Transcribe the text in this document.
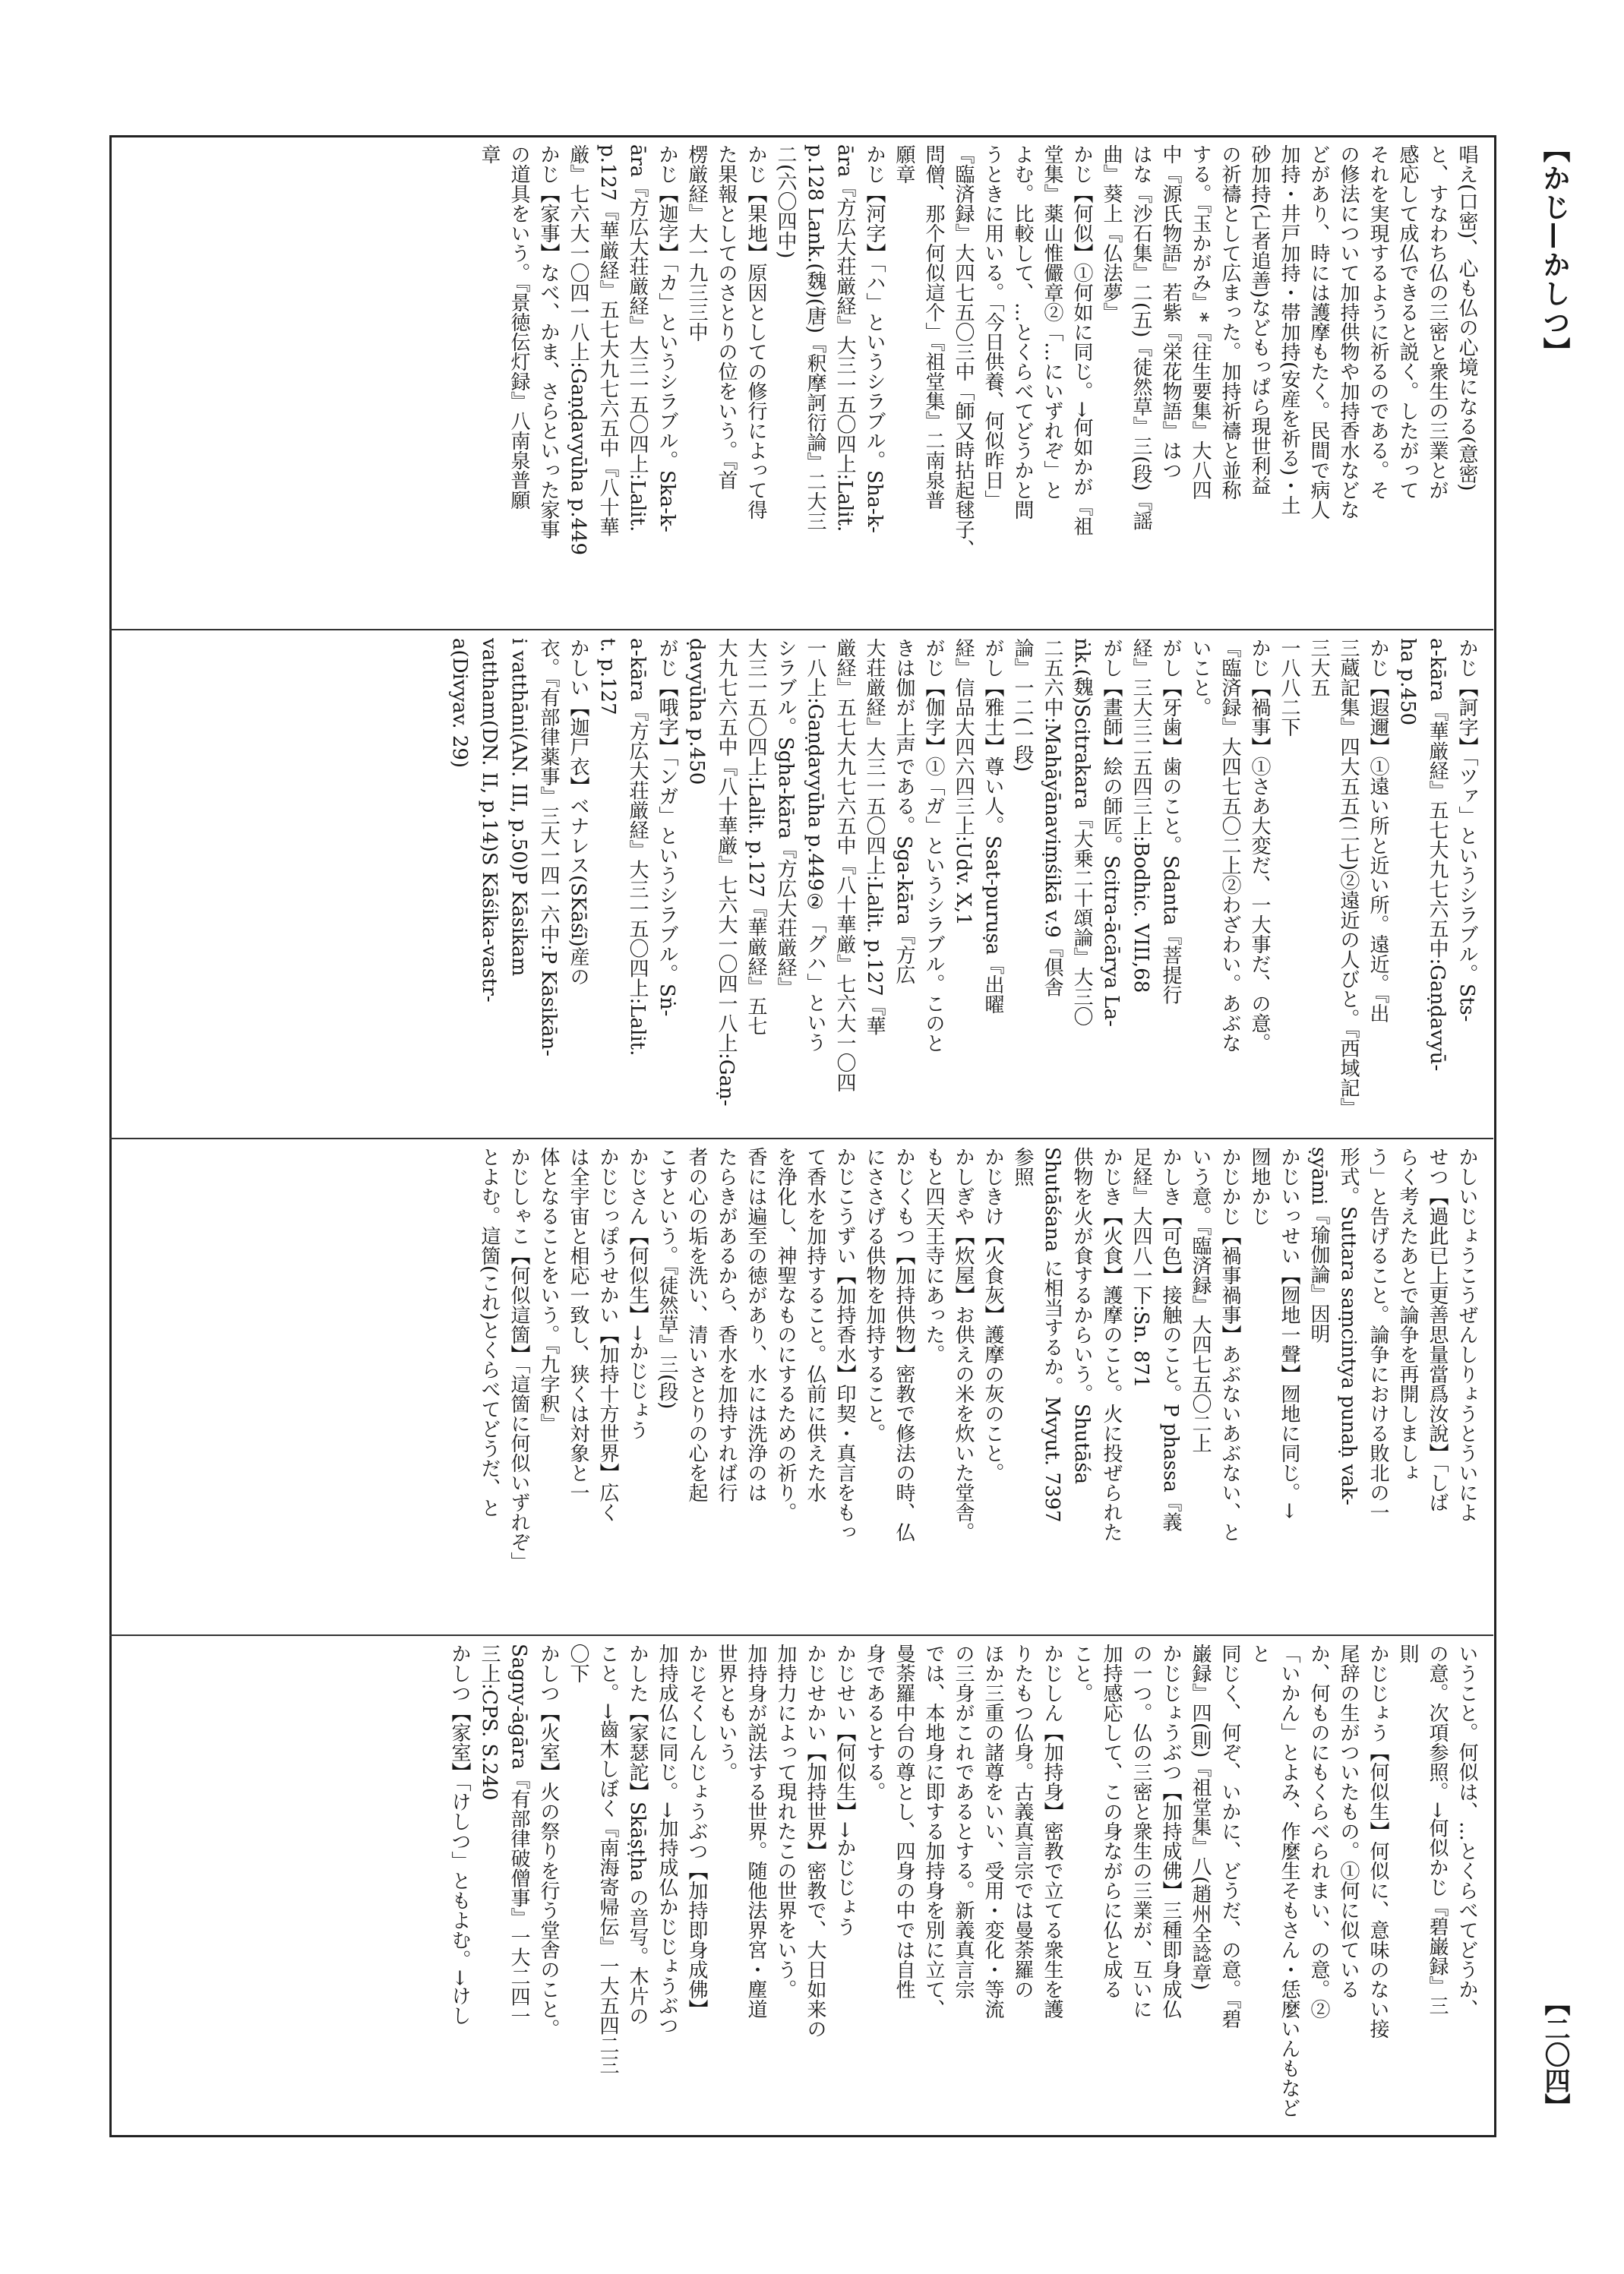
【かじ—かしつ】
【二〇四】
唱え(口密)、心も仏の心境になる(意密)
と、すなわち仏の三密と衆生の三業とが
感応して成仏できると説く。したがって
それを実現するように祈るのである。そ
の修法について加持供物や加持香水などな
どがあり、時には護摩もたく。民間で病人
加持・井戸加持・帯加持(安産を祈る)・土
砂加持(亡者追善)などもっぱら現世利益
の祈禱として広まった。加持祈禱と並称
する。『玉かがみ』*『往生要集』大八四
中『源氏物語』若紫『栄花物語』はつ
はな『沙石集』二(五)『徒然草』三(段)『謡
曲』葵上『仏法夢』
かじ【何似】①何如に同じ。→何如かが『祖
堂集』薬山惟儼章②「…にいずれぞ」と
よむ。比較して、…とくらべてどうかと問
うときに用いる。「今日供養、何似昨日」
『臨済録』大四七五〇三中「師又時拈起毬子、
問僧、那个何似這个」『祖堂集』二南泉普
願章
かじ【河字】「ハ」というシラブル。Sha-k-
āra『方広大荘厳経』大三一五〇四上:Lalit.
p.128 Lank.(魏)(唐)『釈摩訶衍論』二大三
二(六〇四中)
かじ【果地】原因としての修行によって得
た果報としてのさとりの位をいう。『首
楞厳経』大一九三三中
かじ【迦字】「カ」というシラブル。Ska-k-
āra『方広大荘厳経』大三一五〇四上:Lalit.
p.127『華厳経』五七大九七六五中『八十華
厳』七六大一〇四一八上:Gaṇḍavyūha p.449
かじ【家事】なべ、かま、さらといった家事
の道具をいう。『景徳伝灯録』八南泉普願
章
かじ【訶字】「ツァ」というシラブル。Sts-
a-kāra『華厳経』五七大九七六五中:Gaṇḍavyū-
ha p.450
かじ【遐邇】①遠い所と近い所。遠近。『出
三蔵記集』四大五五(二七)②遠近の人びと。『西域記』三大五
一八八二下
かじ【禍事】①さあ大変だ、一大事だ、の意。
『臨済録』大四七五〇二上②わざわい。あぶな
いこと。
がし【牙歯】歯のこと。Sdanta『菩提行
経』三大三二五四三上:Bodhic. VIII,68
がし【畫師】絵の師匠。Scitra-ācārya La-
ṅk.(魏)Scitrakara『大乗二十頌論』大三〇
二五六中:Mahāyānaviṃśikā v.9『倶舎
論』一二(一段)
がし【雅士】尊い人。Ssat-puruṣa『出曜
経』信品大四六四三上:Udv. X,1
がじ【伽字】①「ガ」というシラブル。このと
きは伽が上声である。Sga-kāra『方広
大荘厳経』大三一五〇四上:Lalit. p.127『華
厳経』五七大九七六五中『八十華厳』七六大一〇四
一八上:Gaṇḍavyūha p.449②「グハ」という
シラブル。Sgha-kāra『方広大荘厳経』
大三一五〇四上:Lalit. p.127『華厳経』五七
大九七六五中『八十華厳』七六大一〇四一八上:Gaṇ-
ḍavyūha p.450
がじ【哦字】「ンガ」というシラブル。Sṅ-
a-kāra『方広大荘厳経』大三一五〇四上:Lalit.
t. p.127
かしい【迦尸衣】ベナレス(SKāśī)産の
衣。『有部律薬事』三大一四一六中:P Kāsikān-
i vatthāni(AN. III, p.50)P Kāsikam
vattham(DN. II, p.14)S Kāśika-vastr-
a(Divyav. 29)
かしいじょうこうぜんしりょうとういによ
せつ【過此已上更善思量當爲汝說】「しば
らく考えたあとで論争を再開しましょ
う」と告げること。論争における敗北の一
形式。Suttara saṃcintya punaḥ vak-
ṣyāmi『瑜伽論』因明
かじいっせい【囫地一聲】囫地に同じ。→
囫地かじ
かじかじ【禍事禍事】あぶないあぶない、と
いう意。『臨済録』大四七五〇二上
かしき【可色】接触のこと。P phassa『義
足経』大四八一下:Sn. 871
かじき【火食】護摩のこと。火に投ぜられた
供物を火が食するからいう。Shutāśa
Shutāśana に相当するか。Mvyut. 7397
参照
かじきけ【火食灰】護摩の灰のこと。
かしぎや【炊屋】お供えの米を炊いた堂舎。
もと四天王寺にあった。
かじくもつ【加持供物】密教で修法の時、仏
にささげる供物を加持すること。
かじこうずい【加持香水】印契・真言をもっ
て香水を加持すること。仏前に供えた水
を浄化し、神聖なものにするための祈り。
香には遍至の徳があり、水には洗浄のは
たらきがあるから、香水を加持すれば行
者の心の垢を洗い、清いさとりの心を起
こすという。『徒然草』三(段)
かじさん【何似生】→かじじょう
かじじっぽうせかい【加持十方世界】広く
は全宇宙と相応一致し、狭くは対象と一
体となることをいう。『九字釈』
かじしゃこ【何似這箇】「這箇に何似いずれぞ」
とよむ。這箇(これ)とくらべてどうだ、と
いうこと。何似は、…とくらべてどうか、
の意。次項参照。→何似かじ『碧巌録』三
則
かじじょう【何似生】何似に、意味のない接
尾辞の生がついたもの。①何に似ている
か、何ものにもくらべられまい、の意。②
「いかん」とよみ、作麼生そもさん・恁麼いんもなどと
同じく、何ぞ、いかに、どうだ、の意。『碧
巌録』四(則)『祖堂集』八(趙州全諗章)
かじじょうぶつ【加持成佛】三種即身成仏
の一つ。仏の三密と衆生の三業が、互いに
加持感応して、この身ながらに仏と成る
こと。
かじしん【加持身】密教で立てる衆生を護
りたもつ仏身。古義真言宗では曼荼羅の
ほか三重の諸尊をいい、受用・変化・等流
の三身がこれであるとする。新義真言宗
では、本地身に即する加持身を別に立て、
曼荼羅中台の尊とし、四身の中では自性
身であるとする。
かじせい【何似生】→かじじょう
かじせかい【加持世界】密教で、大日如来の
加持力によって現れたこの世界をいう。
加持身が説法する世界。随他法界宮・塵道
世界ともいう。
かじそくしんじょうぶつ【加持即身成佛】
加持成仏に同じ。→加持成仏かじじょうぶつ
かした【家瑟詑】Skāṣṭha の音写。木片の
こと。→齒木しぼく『南海寄帰伝』一大五四二三
〇下
かしつ【火室】火の祭りを行う堂舎のこと。
Sagny-āgāra『有部律破僧事』一大二四一
三上:CPS. S.240
かしつ【家室】「けしつ」ともよむ。→けし
